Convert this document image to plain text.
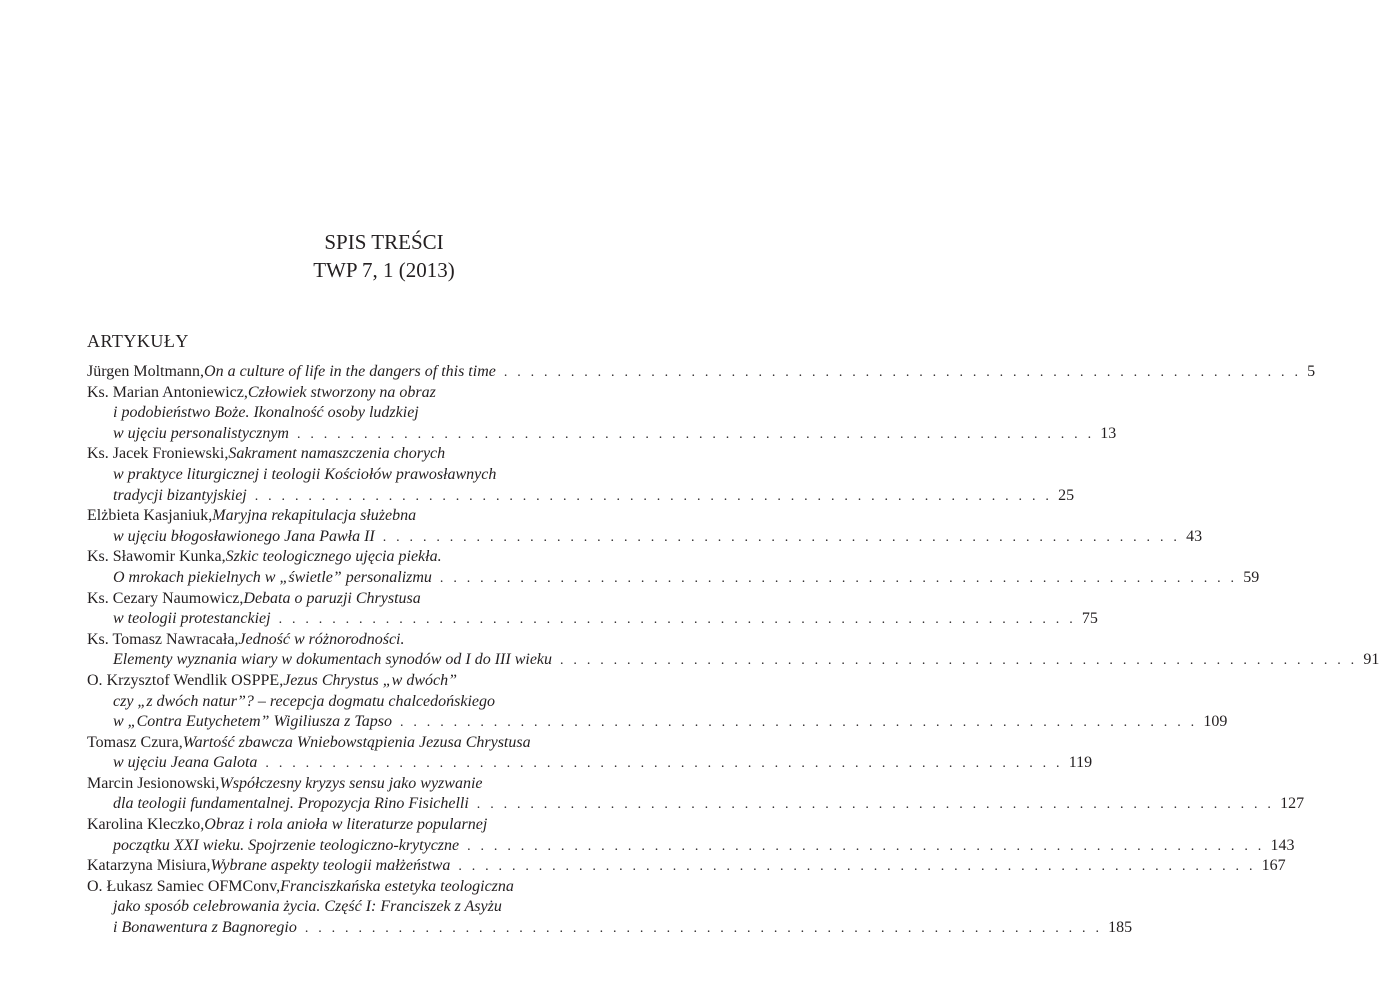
SPIS TREŚCI
TWP 7, 1 (2013)
ARTYKUŁY
Jürgen Moltmann, On a culture of life in the dangers of this time . . . . . . . . . . . . . . . . . . . . . . . . . . . . . . . . . . . . . . . . . . . . . . . . . . . . . . . . . . . . 5
Ks. Marian Antoniewicz, Człowiek stworzony na obraz
i podobieństwo Boże. Ikonalność osoby ludzkiej
w ujęciu personalistycznym . . . . . . . . . . . . . . . . . . . . . . . . . . . . . . . . . . . . . . . . . . . . . . . . . . . . . . . . . . . . 13
Ks. Jacek Froniewski, Sakrament namaszczenia chorych
w praktyce liturgicznej i teologii Kościołów prawosławnych
tradycji bizantyjskiej . . . . . . . . . . . . . . . . . . . . . . . . . . . . . . . . . . . . . . . . . . . . . . . . . . . . . . . . . . . . 25
Elżbieta Kasjaniuk, Maryjna rekapitulacja służebna
w ujęciu błogosławionego Jana Pawła II . . . . . . . . . . . . . . . . . . . . . . . . . . . . . . . . . . . . . . . . . . . . . . . . . . . . . . . . . . . . 43
Ks. Sławomir Kunka, Szkic teologicznego ujęcia piekła.
O mrokach piekielnych w „świetle” personalizmu . . . . . . . . . . . . . . . . . . . . . . . . . . . . . . . . . . . . . . . . . . . . . . . . . . . . . . . . . . . . 59
Ks. Cezary Naumowicz, Debata o paruzji Chrystusa
w teologii protestanckiej . . . . . . . . . . . . . . . . . . . . . . . . . . . . . . . . . . . . . . . . . . . . . . . . . . . . . . . . . . . . 75
Ks. Tomasz Nawracała, Jedność w różnorodności.
Elementy wyznania wiary w dokumentach synodów od I do III wieku . . . . . . . . . . . . . . . . . . . . . . . . . . . . . . . . . . . . . . . . . . . . . . . . . . . . . . . . . . . . 91
O. Krzysztof Wendlik OSPPE, Jezus Chrystus „w dwóch”
czy „z dwóch natur”? – recepcja dogmatu chalcedońskiego
w „Contra Eutychetem” Wigiliusza z Tapso . . . . . . . . . . . . . . . . . . . . . . . . . . . . . . . . . . . . . . . . . . . . . . . . . . . . . . . . . . . . 109
Tomasz Czura, Wartość zbawcza Wniebowstąpienia Jezusa Chrystusa
w ujęciu Jeana Galota . . . . . . . . . . . . . . . . . . . . . . . . . . . . . . . . . . . . . . . . . . . . . . . . . . . . . . . . . . . . 119
Marcin Jesionowski, Współczesny kryzys sensu jako wyzwanie
dla teologii fundamentalnej. Propozycja Rino Fisichelli . . . . . . . . . . . . . . . . . . . . . . . . . . . . . . . . . . . . . . . . . . . . . . . . . . . . . . . . . . . . 127
Karolina Kleczko, Obraz i rola anioła w literaturze popularnej
początku XXI wieku. Spojrzenie teologiczno-krytyczne . . . . . . . . . . . . . . . . . . . . . . . . . . . . . . . . . . . . . . . . . . . . . . . . . . . . . . . . . . . . 143
Katarzyna Misiura, Wybrane aspekty teologii małżeństwa . . . . . . . . . . . . . . . . . . . . . . . . . . . . . . . . . . . . . . . . . . . . . . . . . . . . . . . . . . . . 167
O. Łukasz Samiec OFMConv, Franciszkańska estetyka teologiczna
jako sposób celebrowania życia. Część I: Franciszek z Asyżu
i Bonawentura z Bagnoregio . . . . . . . . . . . . . . . . . . . . . . . . . . . . . . . . . . . . . . . . . . . . . . . . . . . . . . . . . . . . 185
